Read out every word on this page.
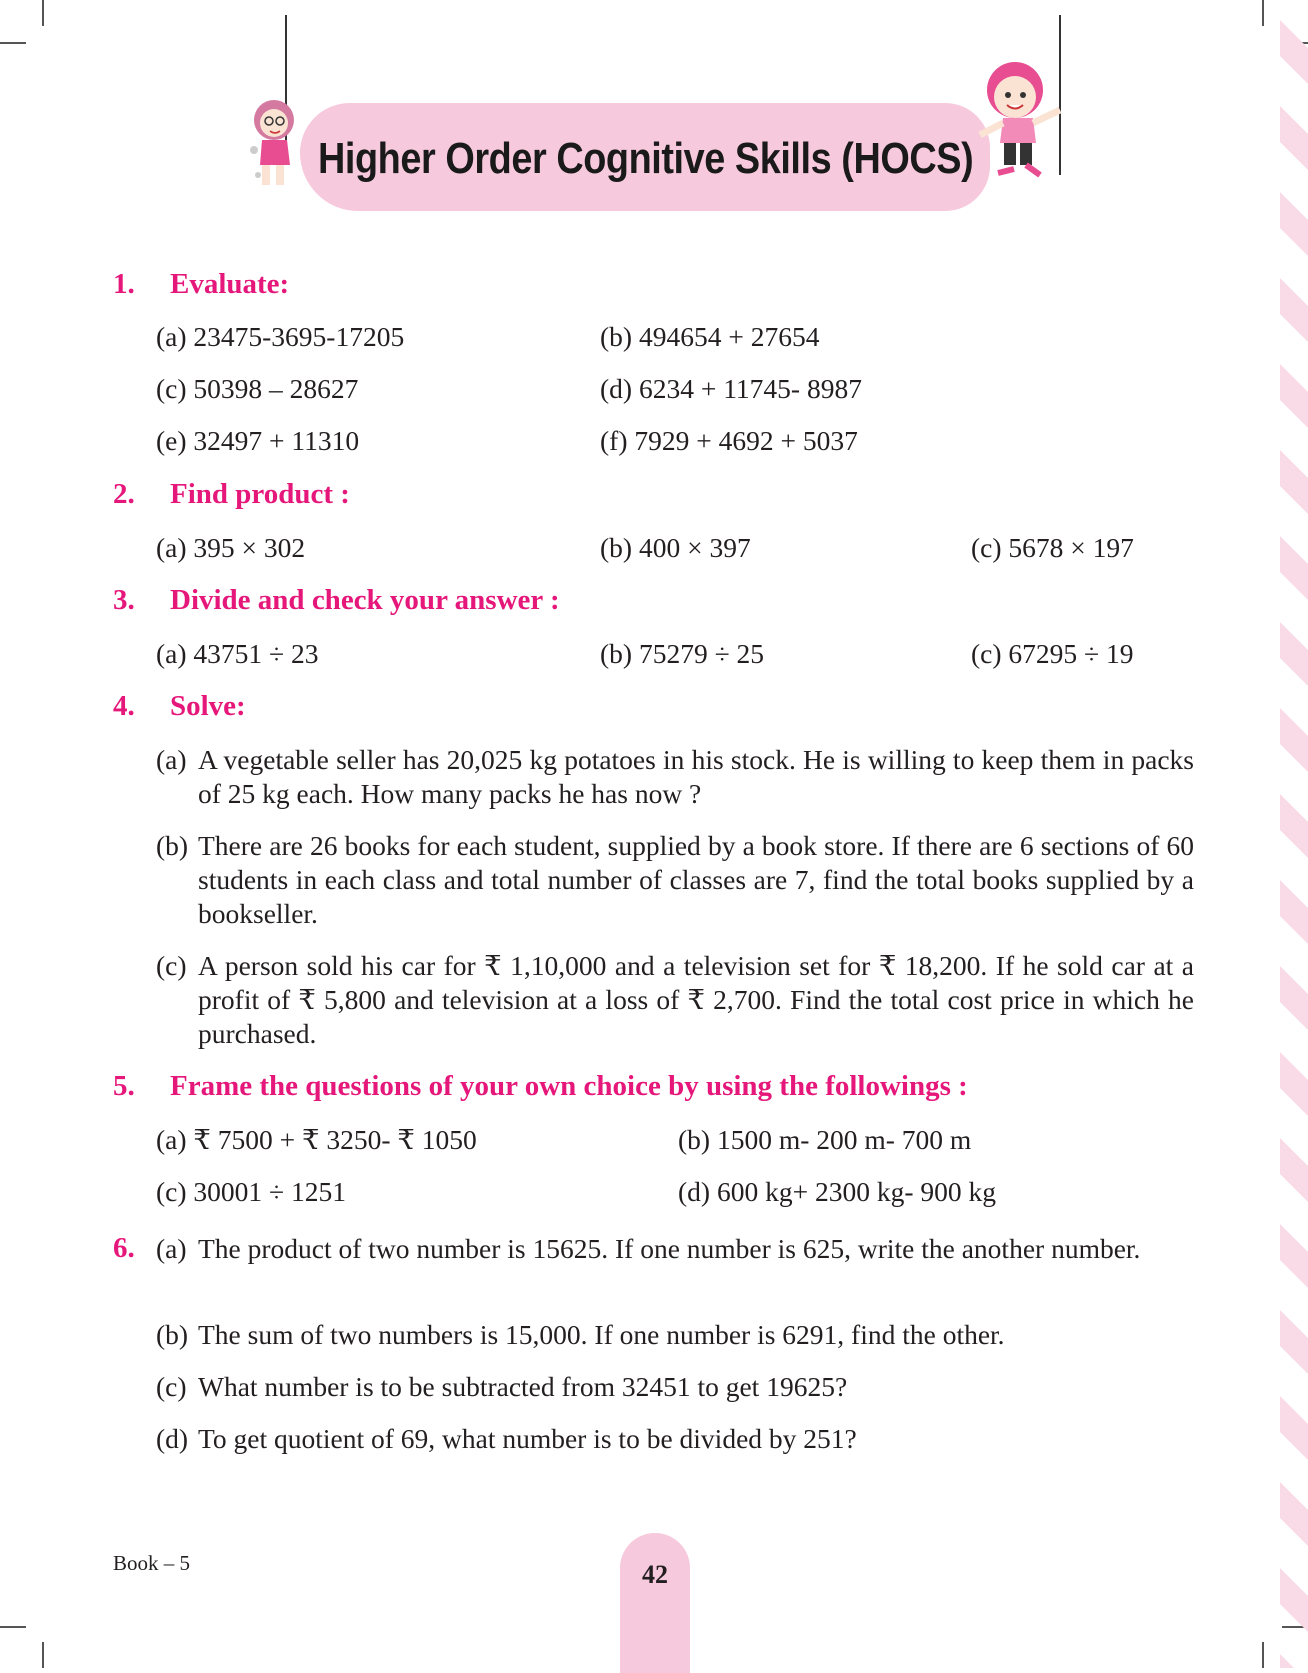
Higher Order Cognitive Skills (HOCS)
1. Evaluate:
(a) 23475-3695-17205	(b) 494654 + 27654
(c) 50398 – 28627	(d) 6234 + 11745- 8987
(e) 32497 + 11310	(f) 7929 + 4692 + 5037
2. Find product :
(a) 395 × 302	(b) 400 × 397	(c) 5678 × 197
3. Divide and check your answer :
(a) 43751 ÷ 23	(b) 75279 ÷ 25	(c) 67295 ÷ 19
4. Solve:
(a) A vegetable seller has 20,025 kg potatoes in his stock. He is willing to keep them in packs of 25 kg each. How many packs he has now ?
(b) There are 26 books for each student, supplied by a book store. If there are 6 sections of 60 students in each class and total number of classes are 7, find the total books supplied by a bookseller.
(c) A person sold his car for ₹ 1,10,000 and a television set for ₹ 18,200. If he sold car at a profit of ₹ 5,800 and television at a loss of ₹ 2,700. Find the total cost price in which he purchased.
5. Frame the questions of your own choice by using the followings :
(a) ₹ 7500 + ₹ 3250- ₹ 1050	(b) 1500 m- 200 m- 700 m
(c) 30001 ÷ 1251	(d) 600 kg+ 2300 kg- 900 kg
6. (a) The product of two number is 15625. If one number is 625, write the another number.
(b) The sum of two numbers is 15,000. If one number is 6291, find the other.
(c) What number is to be subtracted from 32451 to get 19625?
(d) To get quotient of 69, what number is to be divided by 251?
Book – 5	42
